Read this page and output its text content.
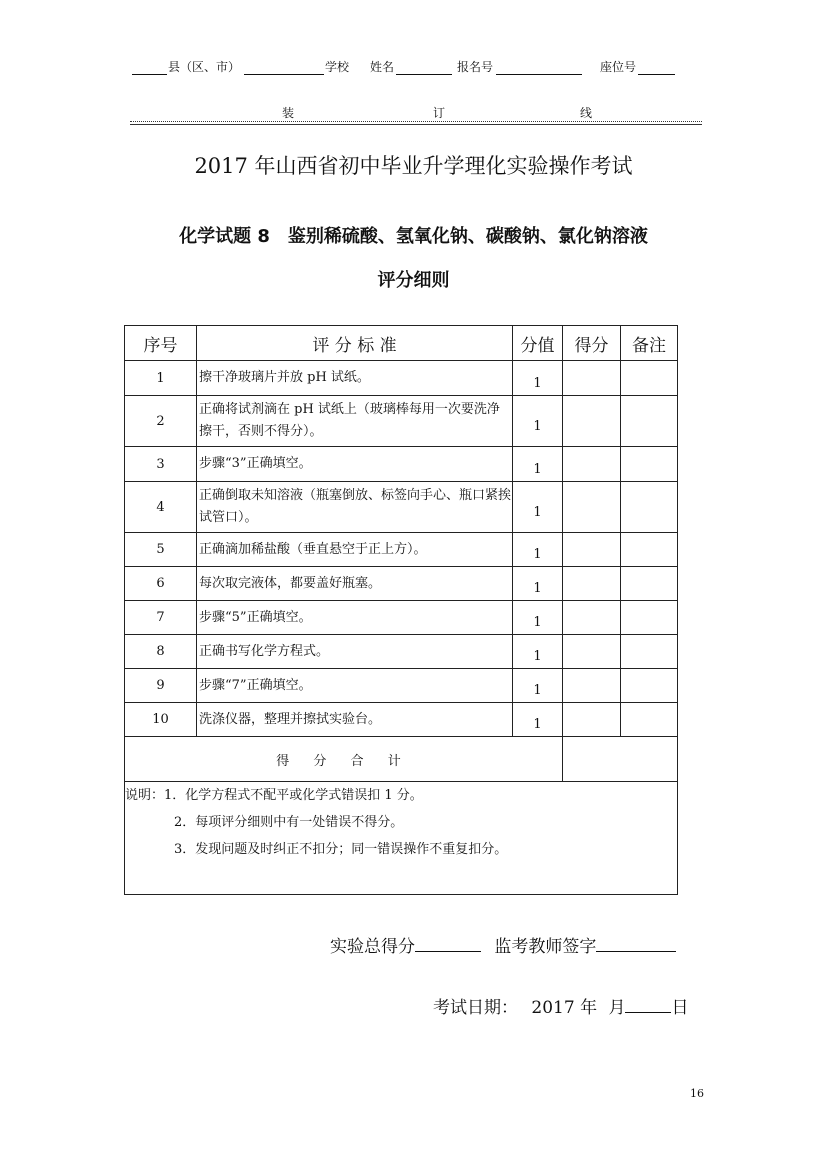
县（区、市）	学校 姓名	报名号	座位号
装	订	线
2017 年山西省初中毕业升学理化实验操作考试
化学试题 8　鉴别稀硫酸、氢氧化钠、碳酸钠、氯化钠溶液
评分细则
序号	评 分 标 准	分值	得分	备注
1	擦干净玻璃片并放 pH 试纸。	1		
2	正确将试剂滴在 pH 试纸上（玻璃棒每用一次要洗净擦干，否则不得分）。	1		
3	步骤“3”正确填空。	1		
4	正确倒取未知溶液（瓶塞倒放、标签向手心、瓶口紧挨试管口）。	1		
5	正确滴加稀盐酸（垂直悬空于正上方）。	1		
6	每次取完液体，都要盖好瓶塞。	1		
7	步骤“5”正确填空。	1		
8	正确书写化学方程式。	1		
9	步骤“7”正确填空。	1		
10	洗涤仪器，整理并擦拭实验台。	1		
得 分 合 计				

说明：1．化学方程式不配平或化学式错误扣 1 分。
2．每项评分细则中有一处错误不得分。
3．发现问题及时纠正不扣分；同一错误操作不重复扣分。				
实验总得分	监考教师签字
考试日期： 2017 年 月	日
16
